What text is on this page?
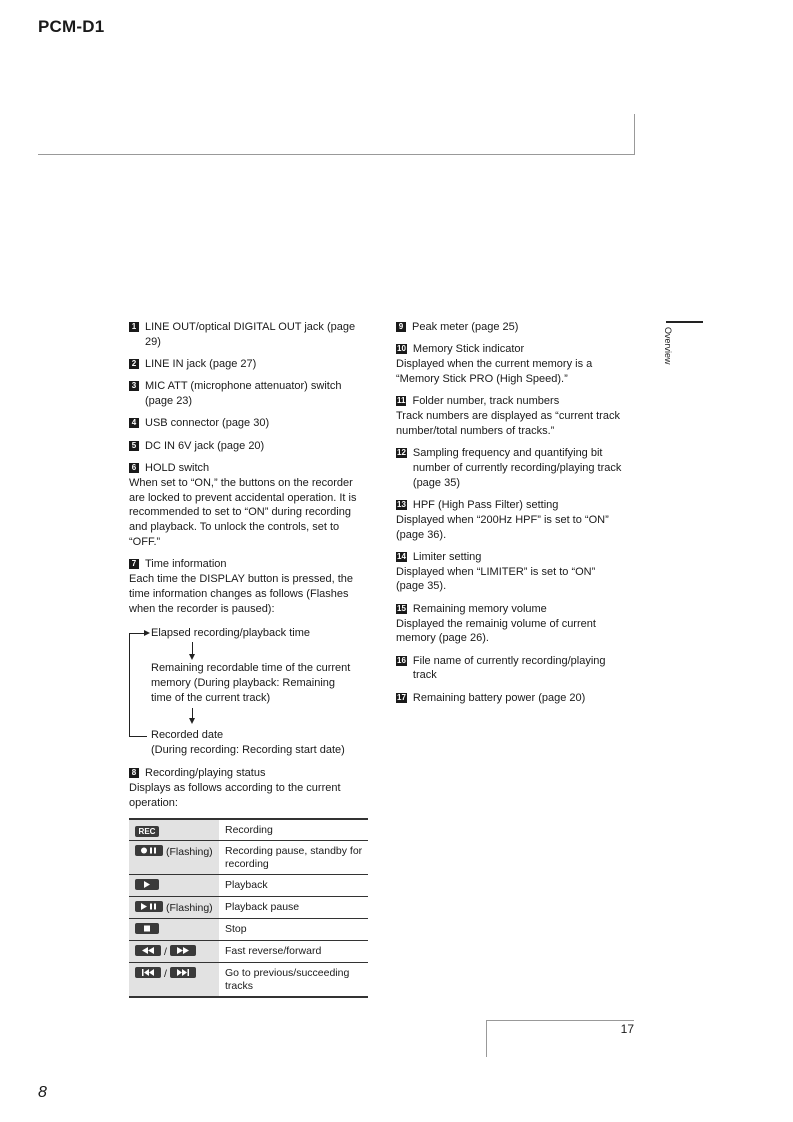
PCM-D1
Overview
1 LINE OUT/optical DIGITAL OUT jack (page 29)
2 LINE IN jack (page 27)
3 MIC ATT (microphone attenuator) switch (page 23)
4 USB connector (page 30)
5 DC IN 6V jack (page 20)
6 HOLD switch
When set to “ON,” the buttons on the recorder are locked to prevent accidental operation. It is recommended to set to “ON” during recording and playback. To unlock the controls, set to “OFF.”
7 Time information
Each time the DISPLAY button is pressed, the time information changes as follows (Flashes when the recorder is paused):
Elapsed recording/playback time
Remaining recordable time of the current
memory (During playback: Remaining
time of the current track)
Recorded date
(During recording: Recording start date)
8 Recording/playing status
Displays as follows according to the current operation:
REC	Recording

(Flashing)	Recording pause, standby for recording

	Playback

(Flashing)	Playback pause

	Stop

/	Fast reverse/forward

/	Go to previous/succeeding tracks
9 Peak meter (page 25)
10 Memory Stick indicator
Displayed when the current memory is a “Memory Stick PRO (High Speed).”
11 Folder number, track numbers
Track numbers are displayed as “current track number/total numbers of tracks.”
12 Sampling frequency and quantifying bit number of currently recording/playing track (page 35)
13 HPF (High Pass Filter) setting
Displayed when “200Hz HPF” is set to “ON” (page 36).
14 Limiter setting
Displayed when “LIMITER” is set to “ON” (page 35).
15 Remaining memory volume
Displayed the remainig volume of current memory (page 26).
16 File name of currently recording/playing track
17 Remaining battery power (page 20)
17
8
